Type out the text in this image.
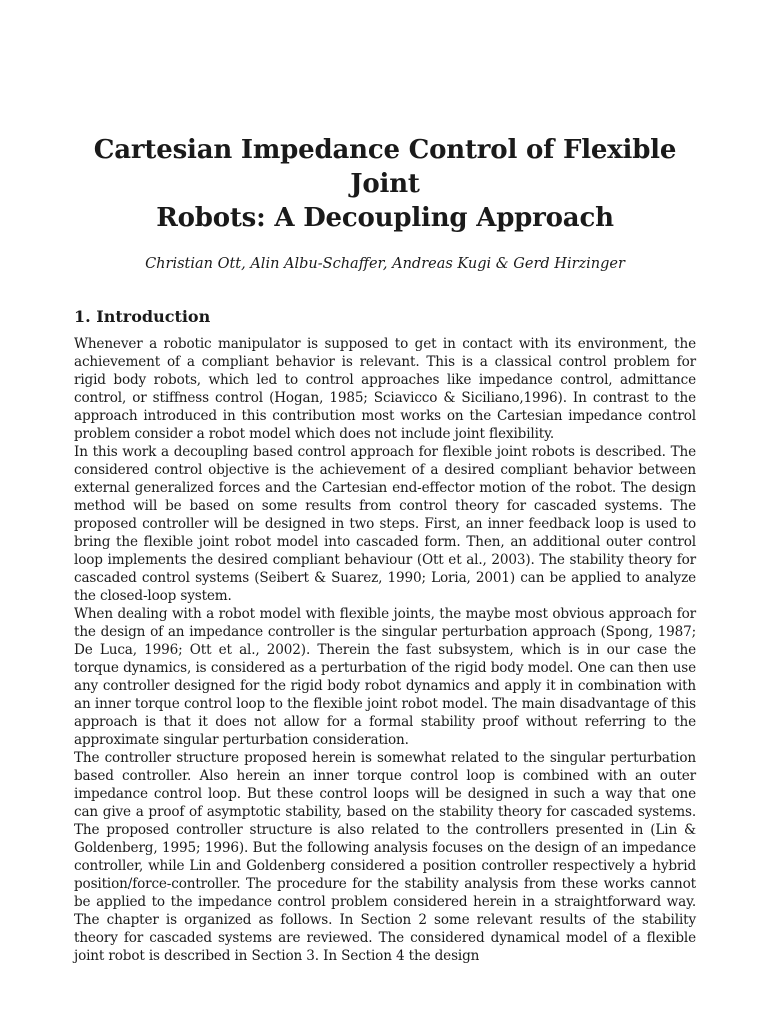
Cartesian Impedance Control of Flexible Joint
Robots: A Decoupling Approach
Christian Ott, Alin Albu-Schaffer, Andreas Kugi & Gerd Hirzinger
1. Introduction

Whenever a robotic manipulator is supposed to get in contact with its environment, the achievement of a compliant behavior is relevant. This is a classical control problem for rigid body robots, which led to control approaches like impedance control, admittance control, or stiffness control (Hogan, 1985; Sciavicco & Siciliano,1996). In contrast to the approach introduced in this contribution most works on the Cartesian impedance control problem consider a robot model which does not include joint flexibility.

In this work a decoupling based control approach for flexible joint robots is described. The considered control objective is the achievement of a desired compliant behavior between external generalized forces and the Cartesian end-effector motion of the robot. The design method will be based on some results from control theory for cascaded systems. The proposed controller will be designed in two steps. First, an inner feedback loop is used to bring the flexible joint robot model into cascaded form. Then, an additional outer control loop implements the desired compliant behaviour (Ott et al., 2003). The stability theory for cascaded control systems (Seibert & Suarez, 1990; Loria, 2001) can be applied to analyze the closed-loop system.

When dealing with a robot model with flexible joints, the maybe most obvious approach for the design of an impedance controller is the singular perturbation approach (Spong, 1987; De Luca, 1996; Ott et al., 2002). Therein the fast subsystem, which is in our case the torque dynamics, is considered as a perturbation of the rigid body model. One can then use any controller designed for the rigid body robot dynamics and apply it in combination with an inner torque control loop to the flexible joint robot model. The main disadvantage of this approach is that it does not allow for a formal stability proof without referring to the approximate singular perturbation consideration.

The controller structure proposed herein is somewhat related to the singular perturbation based controller. Also herein an inner torque control loop is combined with an outer impedance control loop. But these control loops will be designed in such a way that one can give a proof of asymptotic stability, based on the stability theory for cascaded systems. The proposed controller structure is also related to the controllers presented in (Lin & Goldenberg, 1995; 1996). But the following analysis focuses on the design of an impedance controller, while Lin and Goldenberg considered a position controller respectively a hybrid position/force-controller. The procedure for the stability analysis from these works cannot be applied to the impedance control problem considered herein in a straightforward way. The chapter is organized as follows. In Section 2 some relevant results of the stability theory for cascaded systems are reviewed. The considered dynamical model of a flexible joint robot is described in Section 3. In Section 4 the design
